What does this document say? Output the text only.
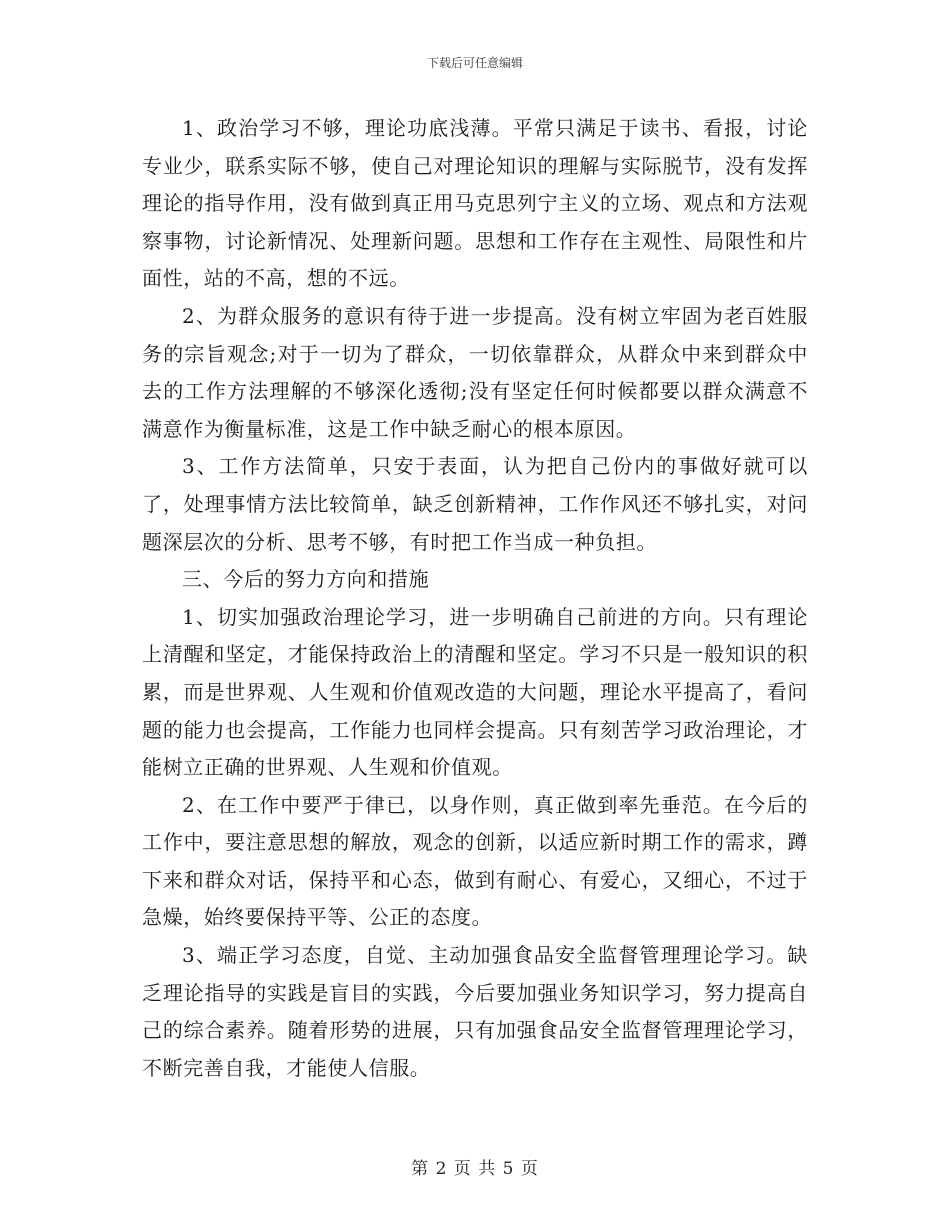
下载后可任意编辑

1、政治学习不够，理论功底浅薄。平常只满足于读书、看报，讨论专业少，联系实际不够，使自己对理论知识的理解与实际脱节，没有发挥理论的指导作用，没有做到真正用马克思列宁主义的立场、观点和方法观察事物，讨论新情况、处理新问题。思想和工作存在主观性、局限性和片面性，站的不高，想的不远。

2、为群众服务的意识有待于进一步提高。没有树立牢固为老百姓服务的宗旨观念;对于一切为了群众，一切依靠群众，从群众中来到群众中去的工作方法理解的不够深化透彻;没有坚定任何时候都要以群众满意不满意作为衡量标准，这是工作中缺乏耐心的根本原因。

3、工作方法简单，只安于表面，认为把自己份内的事做好就可以了，处理事情方法比较简单，缺乏创新精神，工作作风还不够扎实，对问题深层次的分析、思考不够，有时把工作当成一种负担。

三、今后的努力方向和措施

1、切实加强政治理论学习，进一步明确自己前进的方向。只有理论上清醒和坚定，才能保持政治上的清醒和坚定。学习不只是一般知识的积累，而是世界观、人生观和价值观改造的大问题，理论水平提高了，看问题的能力也会提高，工作能力也同样会提高。只有刻苦学习政治理论，才能树立正确的世界观、人生观和价值观。

2、在工作中要严于律已，以身作则，真正做到率先垂范。在今后的工作中，要注意思想的解放，观念的创新，以适应新时期工作的需求，蹲下来和群众对话，保持平和心态，做到有耐心、有爱心，又细心，不过于急燥，始终要保持平等、公正的态度。

3、端正学习态度，自觉、主动加强食品安全监督管理理论学习。缺乏理论指导的实践是盲目的实践，今后要加强业务知识学习，努力提高自己的综合素养。随着形势的进展，只有加强食品安全监督管理理论学习，不断完善自我，才能使人信服。

第 2 页 共 5 页
